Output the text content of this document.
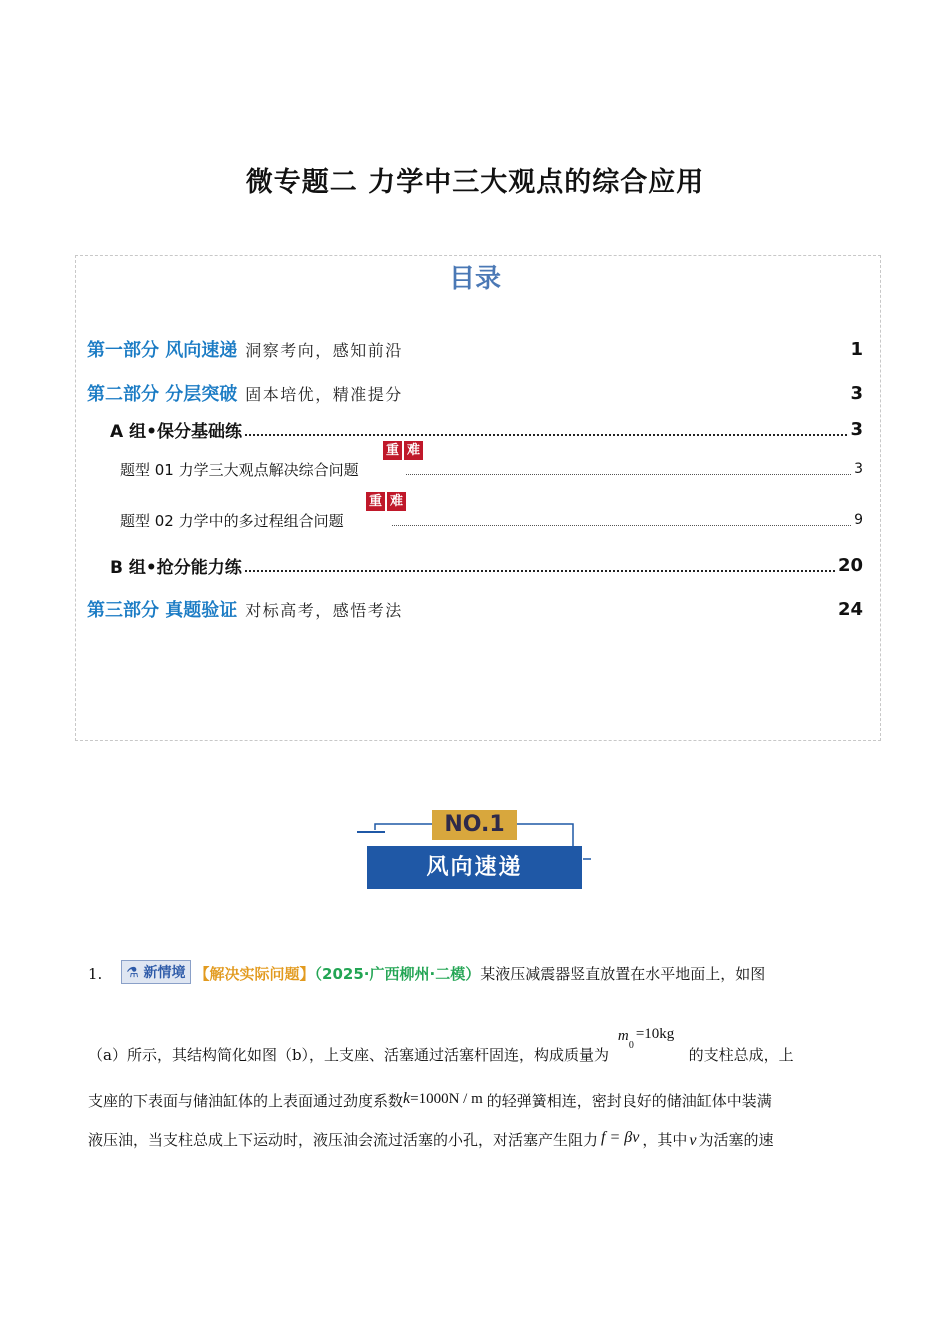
微专题二 力学中三大观点的综合应用
目录
第一部分 风向速递 洞察考向，感知前沿	1
第二部分 分层突破 固本培优，精准提分	3
A 组•保分基础练	3
重 难
题型 01 力学三大观点解决综合问题	3
重 难
题型 02 力学中的多过程组合问题	9
B 组•抢分能力练	20
第三部分 真题验证 对标高考，感悟考法	24
NO.1
风向速递
1. ⚗ 新情境 【解决实际问题】（2025·广西柳州·二模）某液压减震器竖直放置在水平地面上，如图
（a）所示，其结构简化如图（b），上支座、活塞通过活塞杆固连，构成质量为
m
0
=10kg
的支柱总成，上
支座的下表面与储油缸体的上表面通过劲度系数k=1000N / m 的轻弹簧相连，密封良好的储油缸体中装满
液压油，当支柱总成上下运动时，液压油会流过活塞的小孔，对活塞产生阻力 f = βv ，其中 v 为活塞的速
